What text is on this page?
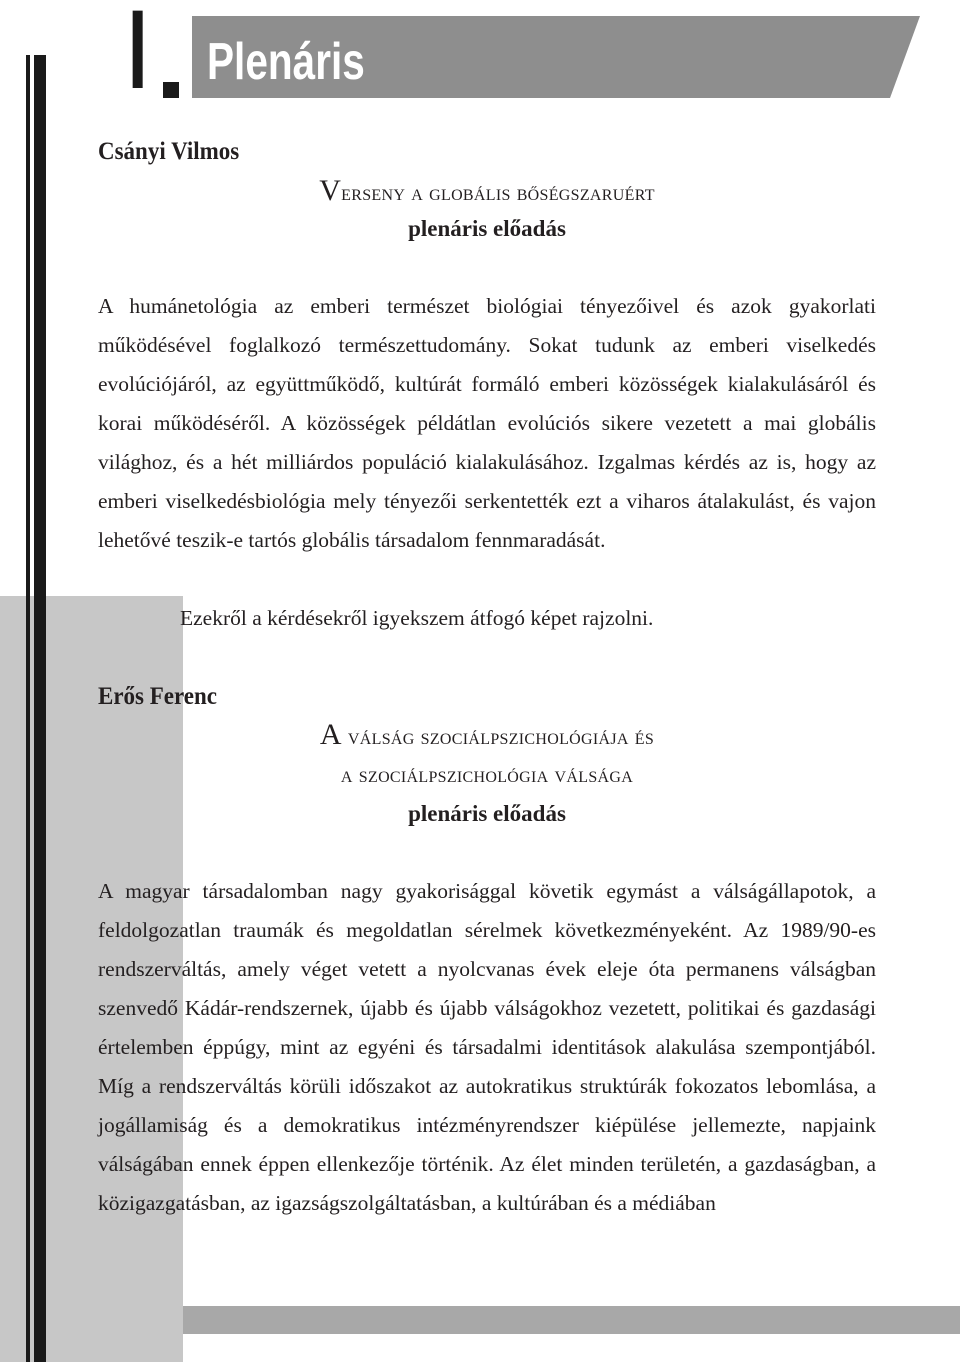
I Plenáris
Csányi Vilmos
Verseny a globális bőségszaruért
plenáris előadás

A humánetológia az emberi természet biológiai tényezőivel és azok gyakorlati működésével foglalkozó természettudomány. Sokat tudunk az emberi viselkedés evolúciójáról, az együttműködő, kultúrát formáló emberi közösségek kialakulásáról és korai működéséről. A közösségek példátlan evolúciós sikere vezetett a mai globális világhoz, és a hét milliárdos populáció kialakulásához. Izgalmas kérdés az is, hogy az emberi viselkedésbiológia mely tényezői serkentették ezt a viharos átalakulást, és vajon lehetővé teszik-e tartós globális társadalom fennmaradását.

Ezekről a kérdésekről igyekszem átfogó képet rajzolni.

Erős Ferenc
A válság szociálpszichológiája és
a szociálpszichológia válsága
plenáris előadás

A magyar társadalomban nagy gyakorisággal követik egymást a válságállapotok, a feldolgozatlan traumák és megoldatlan sérelmek következményeként. Az 1989/90-es rendszerváltás, amely véget vetett a nyolcvanas évek eleje óta permanens válságban szenvedő Kádár-rendszernek, újabb és újabb válságokhoz vezetett, politikai és gazdasági értelemben éppúgy, mint az egyéni és társadalmi identitások alakulása szempontjából. Míg a rendszerváltás körüli időszakot az autokratikus struktúrák fokozatos lebomlása, a jogállamiság és a demokratikus intézményrendszer kiépülése jellemezte, napjaink válságában ennek éppen ellenkezője történik. Az élet minden területén, a gazdaságban, a közigazgatásban, az igazságszolgáltatásban, a kultúrában és a médiában
